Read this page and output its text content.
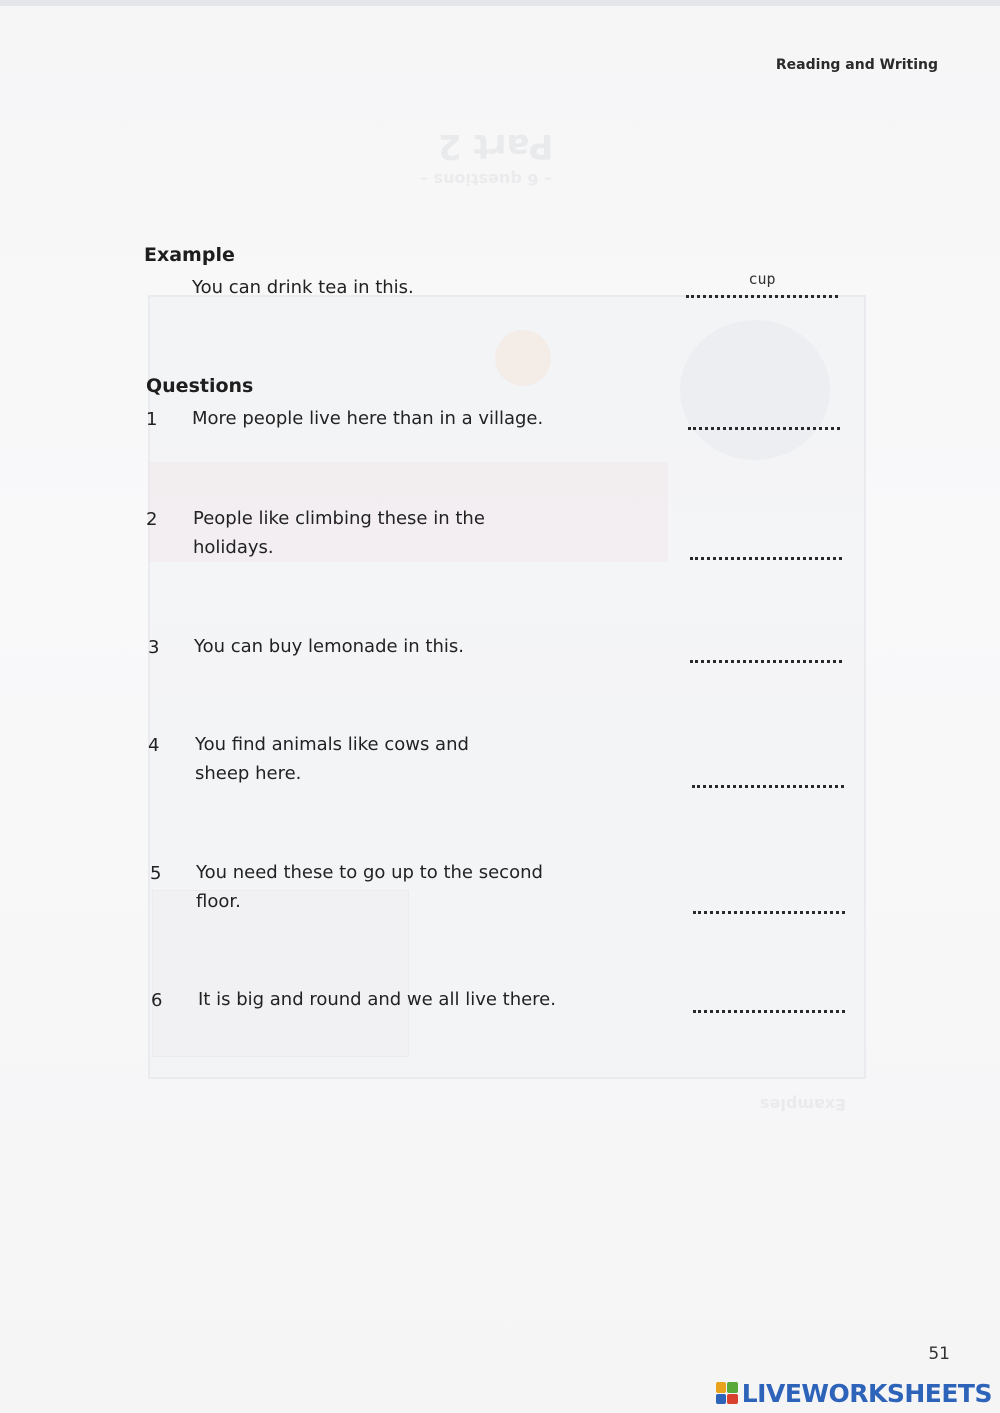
Part 2
– 6 questions –
Examples
Reading and Writing
Example
You can drink tea in this.	cup
Questions
1 More people live here than in a village.
2 People like climbing these in the holidays.
3 You can buy lemonade in this.
4 You find animals like cows and sheep here.
5 You need these to go up to the second floor.
6 It is big and round and we all live there.
51
LIVEWORKSHEETS
